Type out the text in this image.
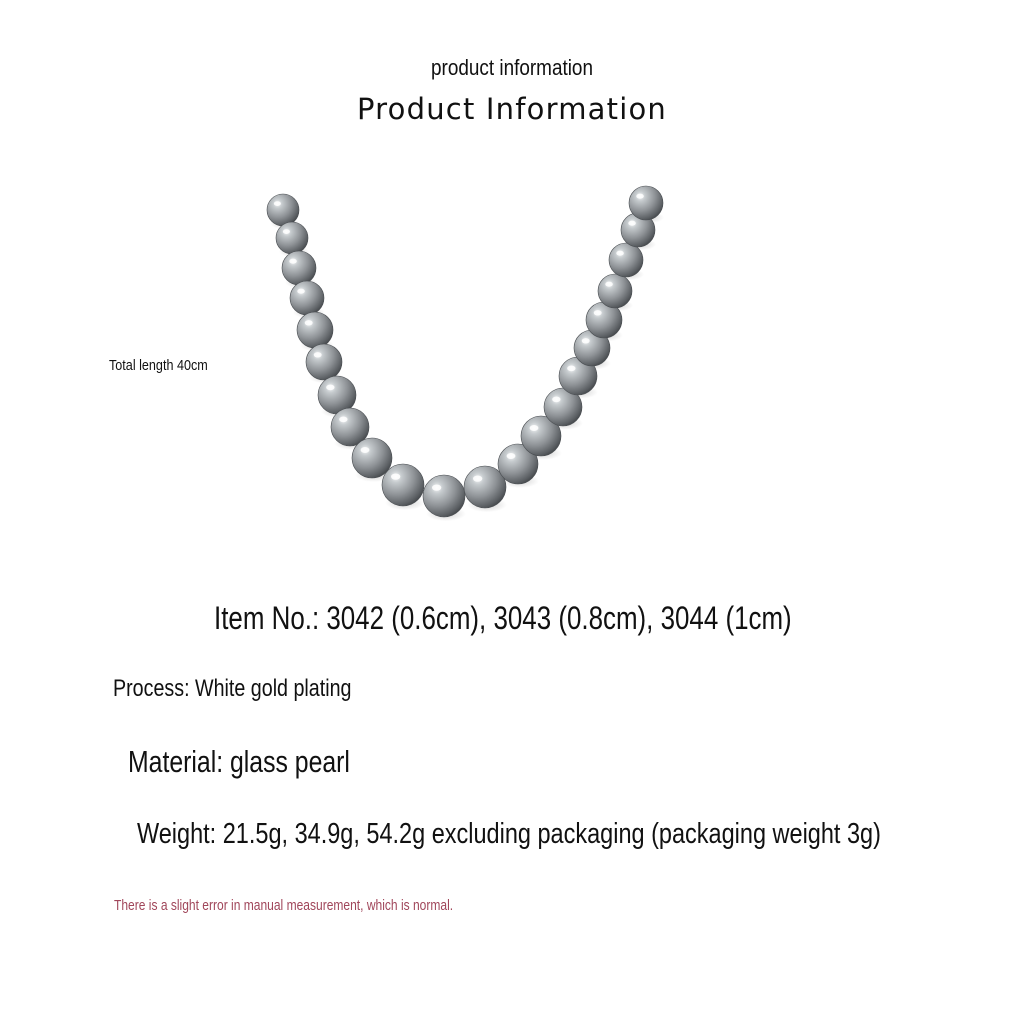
product information
Product Information
Total length 40cm
Item No.: 3042 (0.6cm), 3043 (0.8cm), 3044 (1cm)
Process: White gold plating
Material: glass pearl
Weight: 21.5g, 34.9g, 54.2g excluding packaging (packaging weight 3g)
There is a slight error in manual measurement, which is normal.
